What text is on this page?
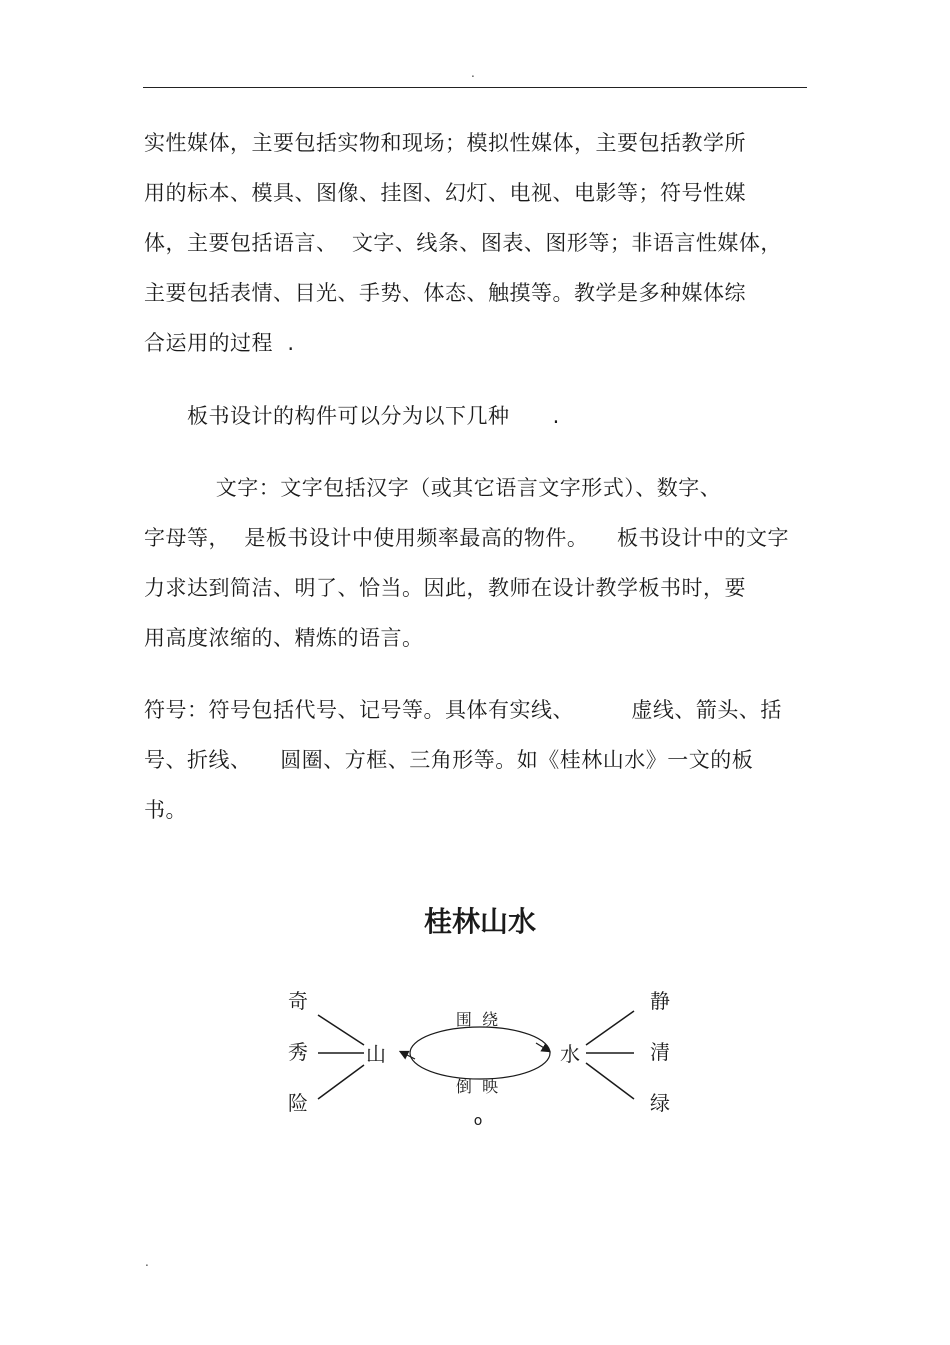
.
实性媒体，主要包括实物和现场；模拟性媒体，主要包括教学所
用的标本、模具、图像、挂图、幻灯、电视、电影等；符号性媒
体，主要包括语言、  文字、线条、图表、图形等；非语言性媒体，
主要包括表情、目光、手势、体态、触摸等。教学是多种媒体综
合运用的过程  .
板书设计的构件可以分为以下几种      .
文字：文字包括汉字（或其它语言文字形式）、数字、
字母等，  是板书设计中使用频率最高的物件。    板书设计中的文字
力求达到简洁、明了、恰当。因此，教师在设计教学板书时，要
用高度浓缩的、精炼的语言。
符号：符号包括代号、记号等。具体有实线、        虚线、箭头、括
号、折线、    圆圈、方框、三角形等。如《桂林山水》一文的板
书。
桂林山水
奇
秀
险
山
围  绕
倒  映
o
水
静
清
绿
.
